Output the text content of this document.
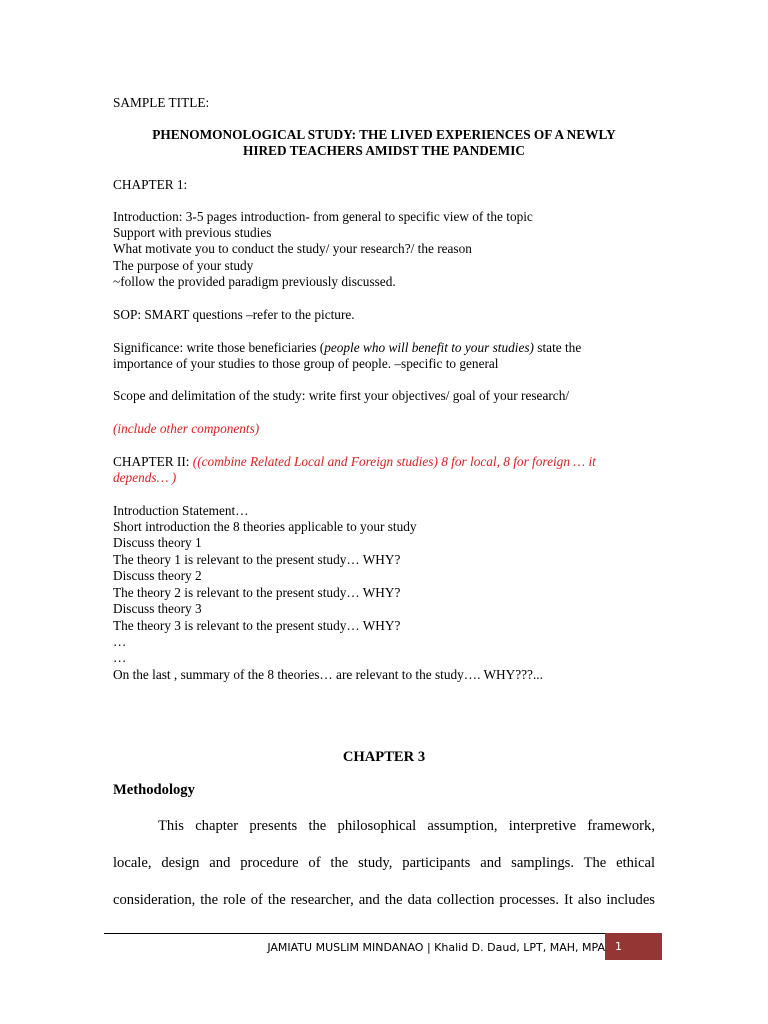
SAMPLE TITLE:
PHENOMONOLOGICAL STUDY: THE LIVED EXPERIENCES OF A NEWLY
HIRED TEACHERS AMIDST THE PANDEMIC
CHAPTER 1:
Introduction: 3-5 pages introduction- from general to specific view of the topic
Support with previous studies
What motivate you to conduct the study/ your research?/ the reason
The purpose of your study
~follow the provided paradigm previously discussed.
SOP: SMART questions –refer to the picture.
Significance: write those beneficiaries (people who will benefit to your studies) state the
importance of your studies to those group of people. –specific to general
Scope and delimitation of the study: write first your objectives/ goal of your research/
(include other components)
CHAPTER II: ((combine Related Local and Foreign studies) 8 for local, 8 for foreign … it
depends… )
Introduction Statement…
Short introduction the 8 theories applicable to your study
Discuss theory 1
The theory 1 is relevant to the present study… WHY?
Discuss theory 2
The theory 2 is relevant to the present study… WHY?
Discuss theory 3
The theory 3 is relevant to the present study… WHY?
…
…
On the last , summary of the 8 theories… are relevant to the study…. WHY???...
CHAPTER 3
Methodology
This chapter presents the philosophical assumption, interpretive framework,
locale, design and procedure of the study, participants and samplings. The ethical
consideration, the role of the researcher, and the data collection processes. It also includes
JAMIATU MUSLIM MINDANAO | Khalid D. Daud, LPT, MAH, MPA 1
